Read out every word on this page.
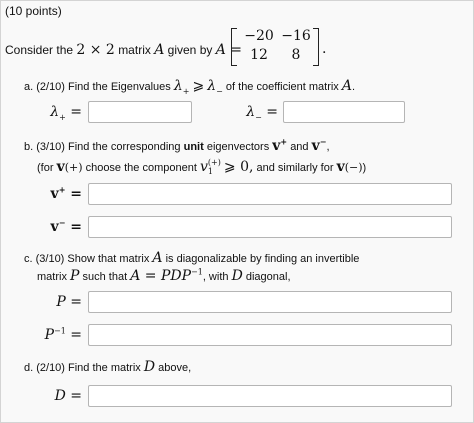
(10 points)
Consider the 2 × 2 matrix A given by A =
−20 −16
12	8	.
a. (2/10) Find the Eigenvalues $\lambda_+$ ⩾ $\lambda_-$ of the coefficient matrix A.
$\lambda_+$ =	$\lambda_-$ =
b. (3/10) Find the corresponding unit eigenvectors v+ and v−,
(for v(+) choose the component v (+)
1 ⩾ 0, and similarly for v(−))
v+ =
v− =
c. (3/10) Show that matrix A is diagonalizable by finding an invertible
matrix P such that $A = PDP^{-1}$, with D diagonal,
P =
$P^{-1}$ =
d. (2/10) Find the matrix D above,
D =
